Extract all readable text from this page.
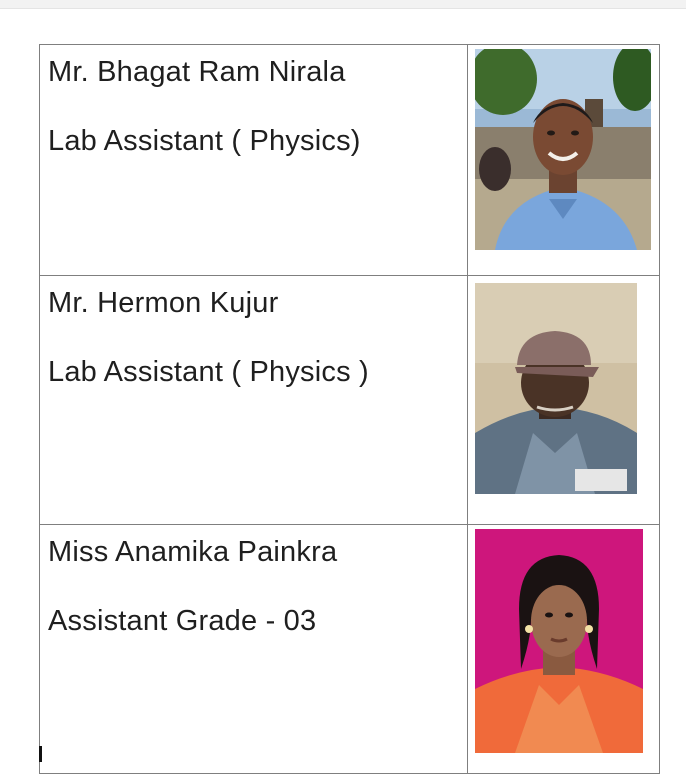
Mr. Bhagat Ram Nirala
Lab Assistant ( Physics)

Mr. Hermon Kujur
Lab Assistant ( Physics )

Miss Anamika Painkra
Assistant Grade - 03
